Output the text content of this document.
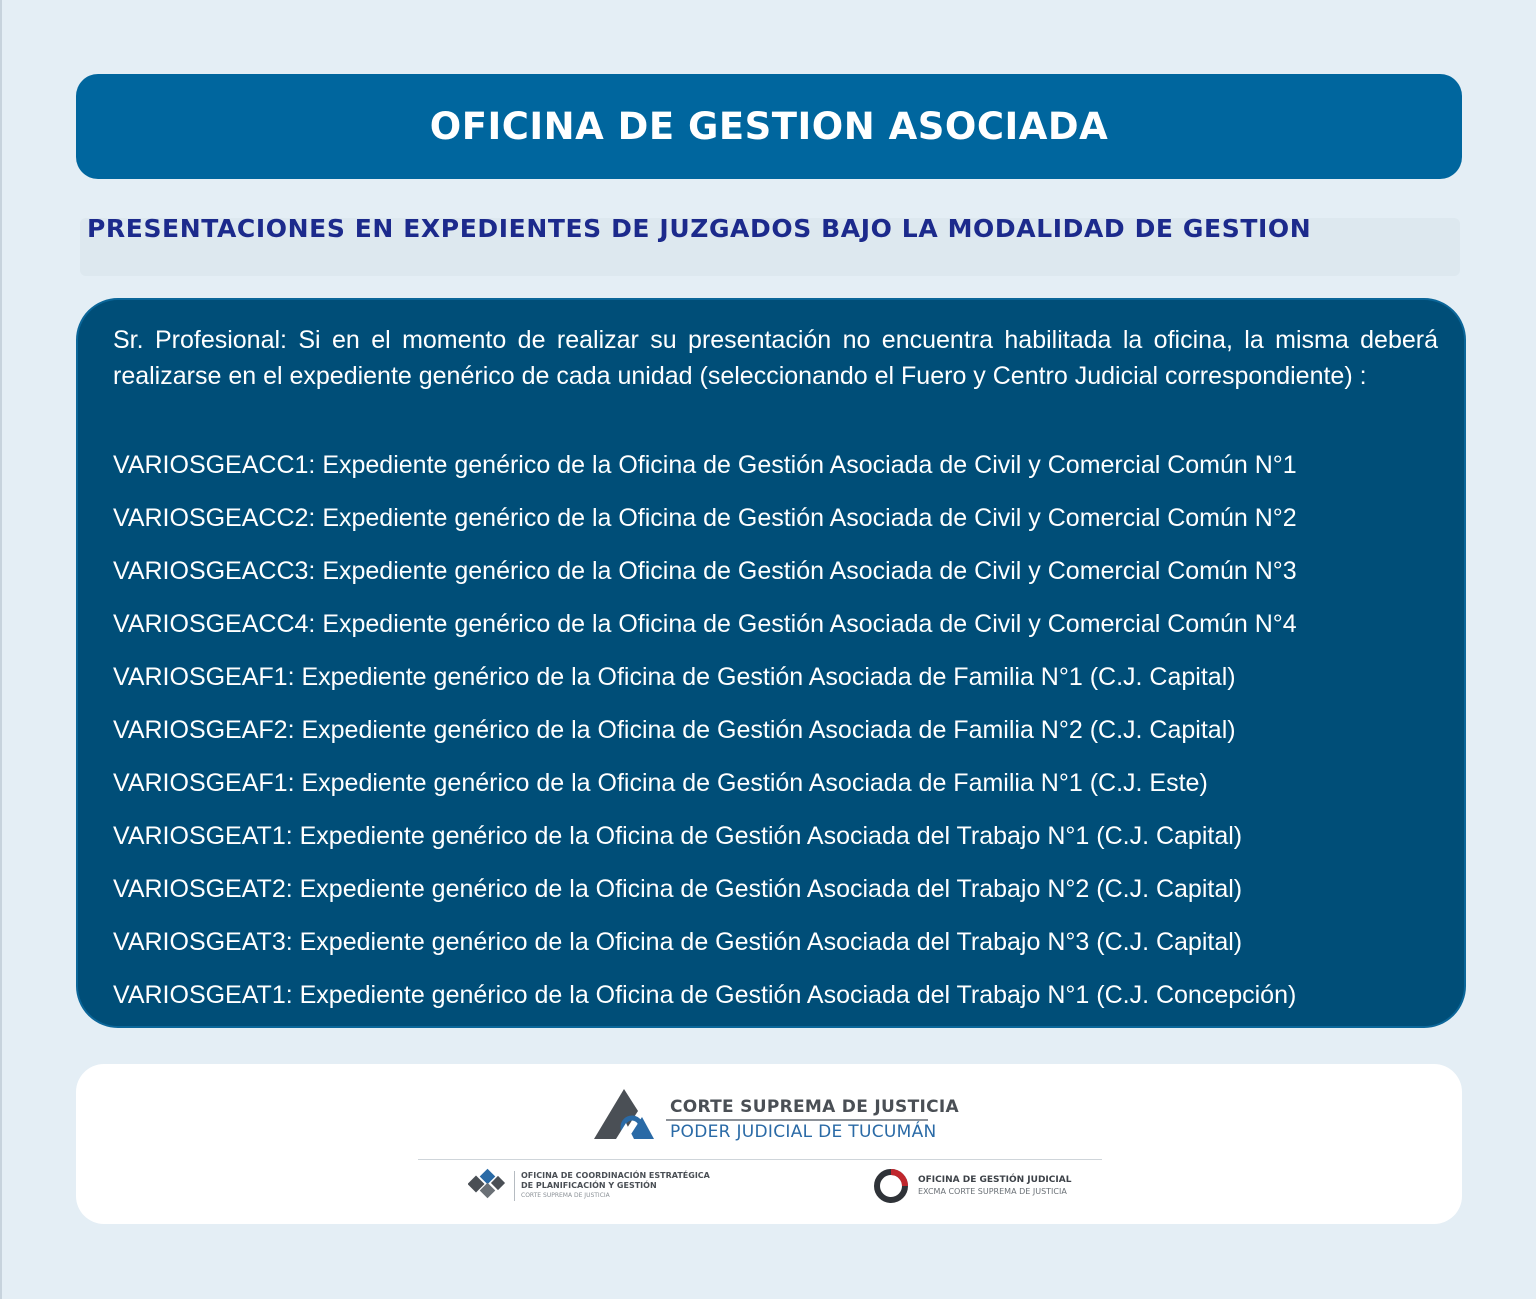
OFICINA DE GESTION ASOCIADA
PRESENTACIONES EN EXPEDIENTES DE JUZGADOS BAJO LA MODALIDAD DE GESTION

Sr. Profesional: Si en el momento de realizar su presentación no encuentra habilitada la oficina, la misma deberá realizarse en el expediente genérico de cada unidad (seleccionando el Fuero y Centro Judicial correspondiente) :

VARIOSGEACC1: Expediente genérico de la Oficina de Gestión Asociada de Civil y Comercial Común N°1
VARIOSGEACC2: Expediente genérico de la Oficina de Gestión Asociada de Civil y Comercial Común N°2
VARIOSGEACC3: Expediente genérico de la Oficina de Gestión Asociada de Civil y Comercial Común N°3
VARIOSGEACC4: Expediente genérico de la Oficina de Gestión Asociada de Civil y Comercial Común N°4
VARIOSGEAF1: Expediente genérico de la Oficina de Gestión Asociada de Familia N°1 (C.J. Capital)
VARIOSGEAF2: Expediente genérico de la Oficina de Gestión Asociada de Familia N°2 (C.J. Capital)
VARIOSGEAF1: Expediente genérico de la Oficina de Gestión Asociada de Familia N°1 (C.J. Este)
VARIOSGEAT1: Expediente genérico de la Oficina de Gestión Asociada del Trabajo N°1 (C.J. Capital)
VARIOSGEAT2: Expediente genérico de la Oficina de Gestión Asociada del Trabajo N°2 (C.J. Capital)
VARIOSGEAT3: Expediente genérico de la Oficina de Gestión Asociada del Trabajo N°3 (C.J. Capital)
VARIOSGEAT1: Expediente genérico de la Oficina de Gestión Asociada del Trabajo N°1 (C.J. Concepción)
CORTE SUPREMA DE JUSTICIA
PODER JUDICIAL DE TUCUMÁN
OFICINA DE COORDINACIÓN ESTRATÉGICA
DE PLANIFICACIÓN Y GESTIÓN
CORTE SUPREMA DE JUSTICIA
OFICINA DE GESTIÓN JUDICIAL
EXCMA CORTE SUPREMA DE JUSTICIA
